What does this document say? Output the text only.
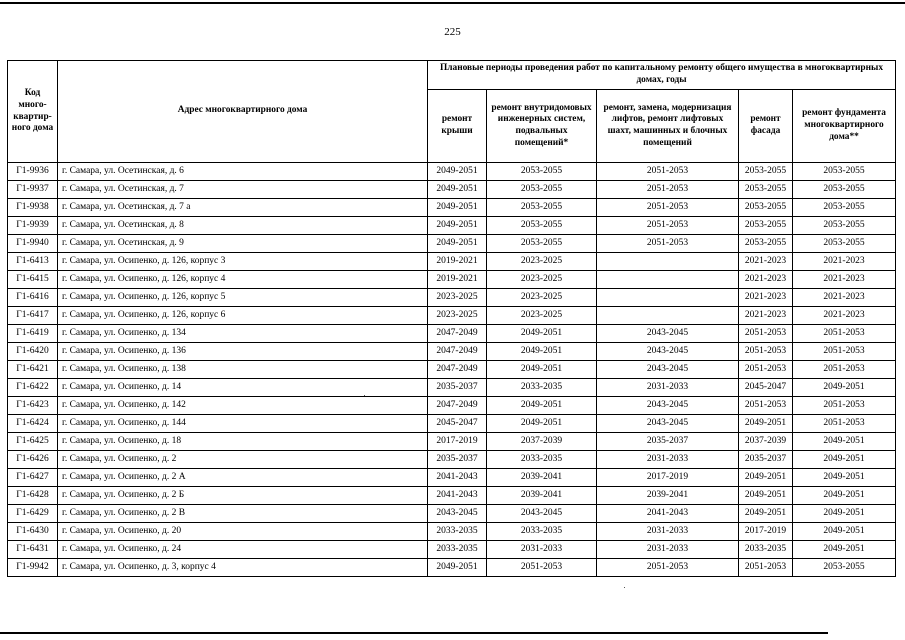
225
Код много-квартир-ного дома	Адрес многоквартирного дома	Плановые периоды проведения работ по капитальному ремонту общего имущества в многоквартирных домах, годы				
		ремонт крыши	ремонт внутридомовых инженерных систем, подвальных помещений*	ремонт, замена, модернизация лифтов, ремонт лифтовых шахт, машинных и блочных помещений	ремонт фасада	ремонт фундамента многоквартирного дома**
Г1-9936	г. Самара, ул. Осетинская, д. 6	2049-2051	2053-2055	2051-2053	2053-2055	2053-2055
Г1-9937	г. Самара, ул. Осетинская, д. 7	2049-2051	2053-2055	2051-2053	2053-2055	2053-2055
Г1-9938	г. Самара, ул. Осетинская, д. 7 а	2049-2051	2053-2055	2051-2053	2053-2055	2053-2055
Г1-9939	г. Самара, ул. Осетинская, д. 8	2049-2051	2053-2055	2051-2053	2053-2055	2053-2055
Г1-9940	г. Самара, ул. Осетинская, д. 9	2049-2051	2053-2055	2051-2053	2053-2055	2053-2055
Г1-6413	г. Самара, ул. Осипенко, д. 126, корпус 3	2019-2021	2023-2025		2021-2023	2021-2023
Г1-6415	г. Самара, ул. Осипенко, д. 126, корпус 4	2019-2021	2023-2025		2021-2023	2021-2023
Г1-6416	г. Самара, ул. Осипенко, д. 126, корпус 5	2023-2025	2023-2025		2021-2023	2021-2023
Г1-6417	г. Самара, ул. Осипенко, д. 126, корпус 6	2023-2025	2023-2025		2021-2023	2021-2023
Г1-6419	г. Самара, ул. Осипенко, д. 134	2047-2049	2049-2051	2043-2045	2051-2053	2051-2053
Г1-6420	г. Самара, ул. Осипенко, д. 136	2047-2049	2049-2051	2043-2045	2051-2053	2051-2053
Г1-6421	г. Самара, ул. Осипенко, д. 138	2047-2049	2049-2051	2043-2045	2051-2053	2051-2053
Г1-6422	г. Самара, ул. Осипенко, д. 14	2035-2037	2033-2035	2031-2033	2045-2047	2049-2051
Г1-6423	г. Самара, ул. Осипенко, д. 142	2047-2049	2049-2051	2043-2045	2051-2053	2051-2053
Г1-6424	г. Самара, ул. Осипенко, д. 144	2045-2047	2049-2051	2043-2045	2049-2051	2051-2053
Г1-6425	г. Самара, ул. Осипенко, д. 18	2017-2019	2037-2039	2035-2037	2037-2039	2049-2051
Г1-6426	г. Самара, ул. Осипенко, д. 2	2035-2037	2033-2035	2031-2033	2035-2037	2049-2051
Г1-6427	г. Самара, ул. Осипенко, д. 2 А	2041-2043	2039-2041	2017-2019	2049-2051	2049-2051
Г1-6428	г. Самара, ул. Осипенко, д. 2 Б	2041-2043	2039-2041	2039-2041	2049-2051	2049-2051
Г1-6429	г. Самара, ул. Осипенко, д. 2 В	2043-2045	2043-2045	2041-2043	2049-2051	2049-2051
Г1-6430	г. Самара, ул. Осипенко, д. 20	2033-2035	2033-2035	2031-2033	2017-2019	2049-2051
Г1-6431	г. Самара, ул. Осипенко, д. 24	2033-2035	2031-2033	2031-2033	2033-2035	2049-2051
Г1-9942	г. Самара, ул. Осипенко, д. 3, корпус 4	2049-2051	2051-2053	2051-2053	2051-2053	2053-2055
